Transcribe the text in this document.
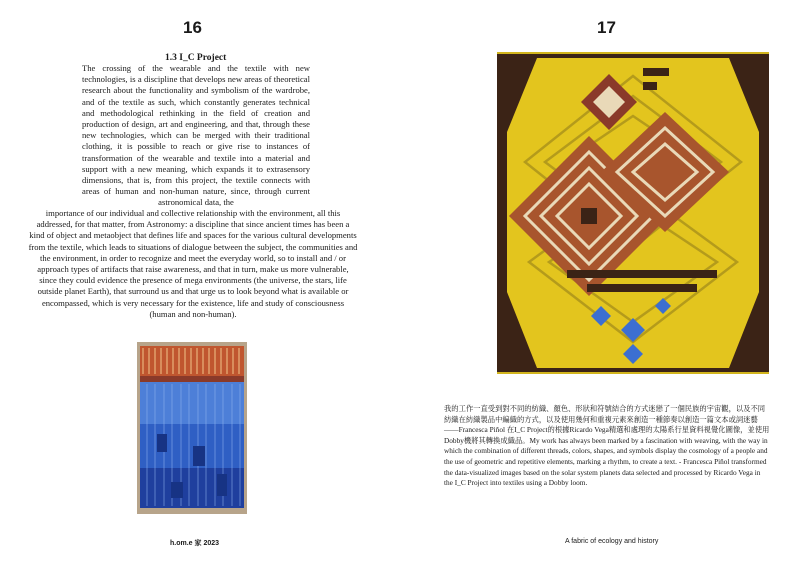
16	17
1.3 I_C Project
The crossing of the wearable and the textile with new technologies, is a discipline that develops new areas of theoretical research about the functionality and symbolism of the wardrobe, and of the textile as such, which constantly generates technical and methodological rethinking in the field of creation and production of design, art and engineering, and that, through these new technologies, which can be merged with their traditional clothing, it is possible to reach or give rise to instances of transformation of the wearable and textile into a material and support with a new meaning, which expands it to extrasensory dimensions, that is, from this project, the textile connects with areas of human and non-human nature, since, through current astronomical data, the
importance of our individual and collective relationship with the environment, all this addressed, for that matter, from Astronomy: a discipline that since ancient times has been a kind of object and metaobject that defines life and spaces for the various cultural developments from the textile, which leads to situations of dialogue between the subject, the communities and the environment, in order to recognize and meet the everyday world, so to install and / or approach types of artifacts that raise awareness, and that in turn, make us more vulnerable, since they could evidence the presence of mega environments (the universe, the stars, life outside planet Earth), that surround us and that urge us to look beyond what is available or encompassed, which is very necessary for the existence, life and study of consciousness (human and non-human).
我的工作一直受到對不同的紡織、顏色、形狀和符號結合的方式迷戀了一個民族的宇宙觀，以及不同紡織在紡織製品中編織的方式，以及使用幾何和重複元素來創造一種節奏以創造一篇文本或詞迷藝——Francesca Piñol 在I_C Project的根據Ricardo Vega精選和處理的太陽系行星資料視覺化圖像，並使用Dobby機將其轉換成織品。My work has always been marked by a fascination with weaving, with the way in which the combination of different threads, colors, shapes, and symbols display the cosmology of a people and the use of geometric and repetitive elements, marking a rhythm, to create a text. - Francesca Piñol transformed the data-visualized images based on the solar system planets data selected and processed by Ricardo Vega in the I_C Project into textiles using a Dobby loom.
h.om.e 家 2023	A fabric of ecology and history
